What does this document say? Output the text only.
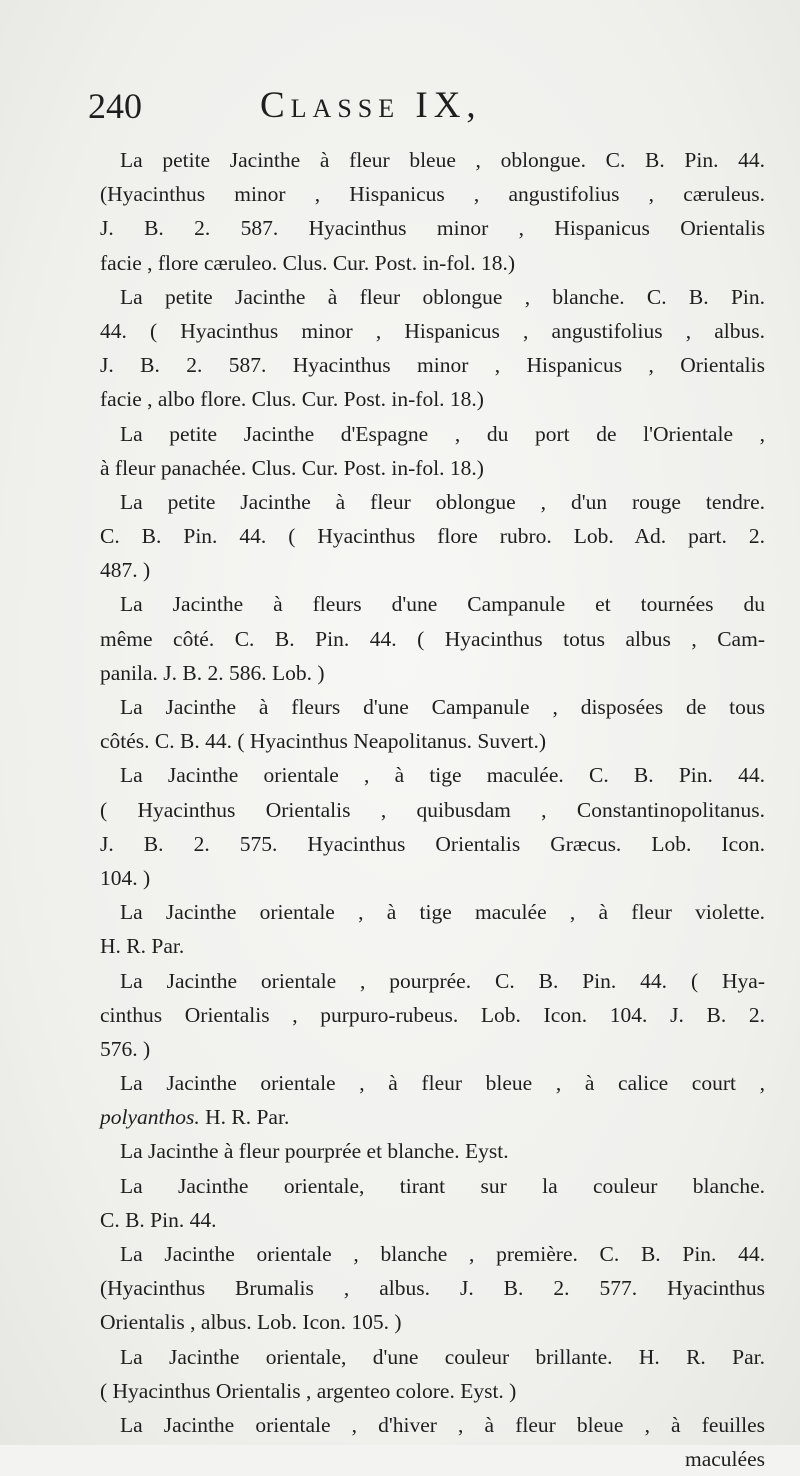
240	Classe IX,
La petite Jacinthe à fleur bleue , oblongue. C. B. Pin. 44.
(Hyacinthus minor , Hispanicus , angustifolius , cæruleus.
J. B. 2. 587. Hyacinthus minor , Hispanicus Orientalis
facie , flore cæruleo. Clus. Cur. Post. in-fol. 18.)
La petite Jacinthe à fleur oblongue , blanche. C. B. Pin.
44. ( Hyacinthus minor , Hispanicus , angustifolius , albus.
J. B. 2. 587. Hyacinthus minor , Hispanicus , Orientalis
facie , albo flore. Clus. Cur. Post. in-fol. 18.)
La petite Jacinthe d'Espagne , du port de l'Orientale ,
à fleur panachée. Clus. Cur. Post. in-fol. 18.)
La petite Jacinthe à fleur oblongue , d'un rouge tendre.
C. B. Pin. 44. ( Hyacinthus flore rubro. Lob. Ad. part. 2.
487. )
La Jacinthe à fleurs d'une Campanule et tournées du
même côté. C. B. Pin. 44. ( Hyacinthus totus albus , Cam-
panila. J. B. 2. 586. Lob. )
La Jacinthe à fleurs d'une Campanule , disposées de tous
côtés. C. B. 44. ( Hyacinthus Neapolitanus. Suvert.)
La Jacinthe orientale , à tige maculée. C. B. Pin. 44.
( Hyacinthus Orientalis , quibusdam , Constantinopolitanus.
J. B. 2. 575. Hyacinthus Orientalis Græcus. Lob. Icon.
104. )
La Jacinthe orientale , à tige maculée , à fleur violette.
H. R. Par.
La Jacinthe orientale , pourprée. C. B. Pin. 44. ( Hya-
cinthus Orientalis , purpuro-rubeus. Lob. Icon. 104. J. B. 2.
576. )
La Jacinthe orientale , à fleur bleue , à calice court ,
polyanthos. H. R. Par.
La Jacinthe à fleur pourprée et blanche. Eyst.
La Jacinthe orientale, tirant sur la couleur blanche.
C. B. Pin. 44.
La Jacinthe orientale , blanche , première. C. B. Pin. 44.
(Hyacinthus Brumalis , albus. J. B. 2. 577. Hyacinthus
Orientalis , albus. Lob. Icon. 105. )
La Jacinthe orientale, d'une couleur brillante. H. R. Par.
( Hyacinthus Orientalis , argenteo colore. Eyst. )
La Jacinthe orientale , d'hiver , à fleur bleue , à feuilles
maculées
